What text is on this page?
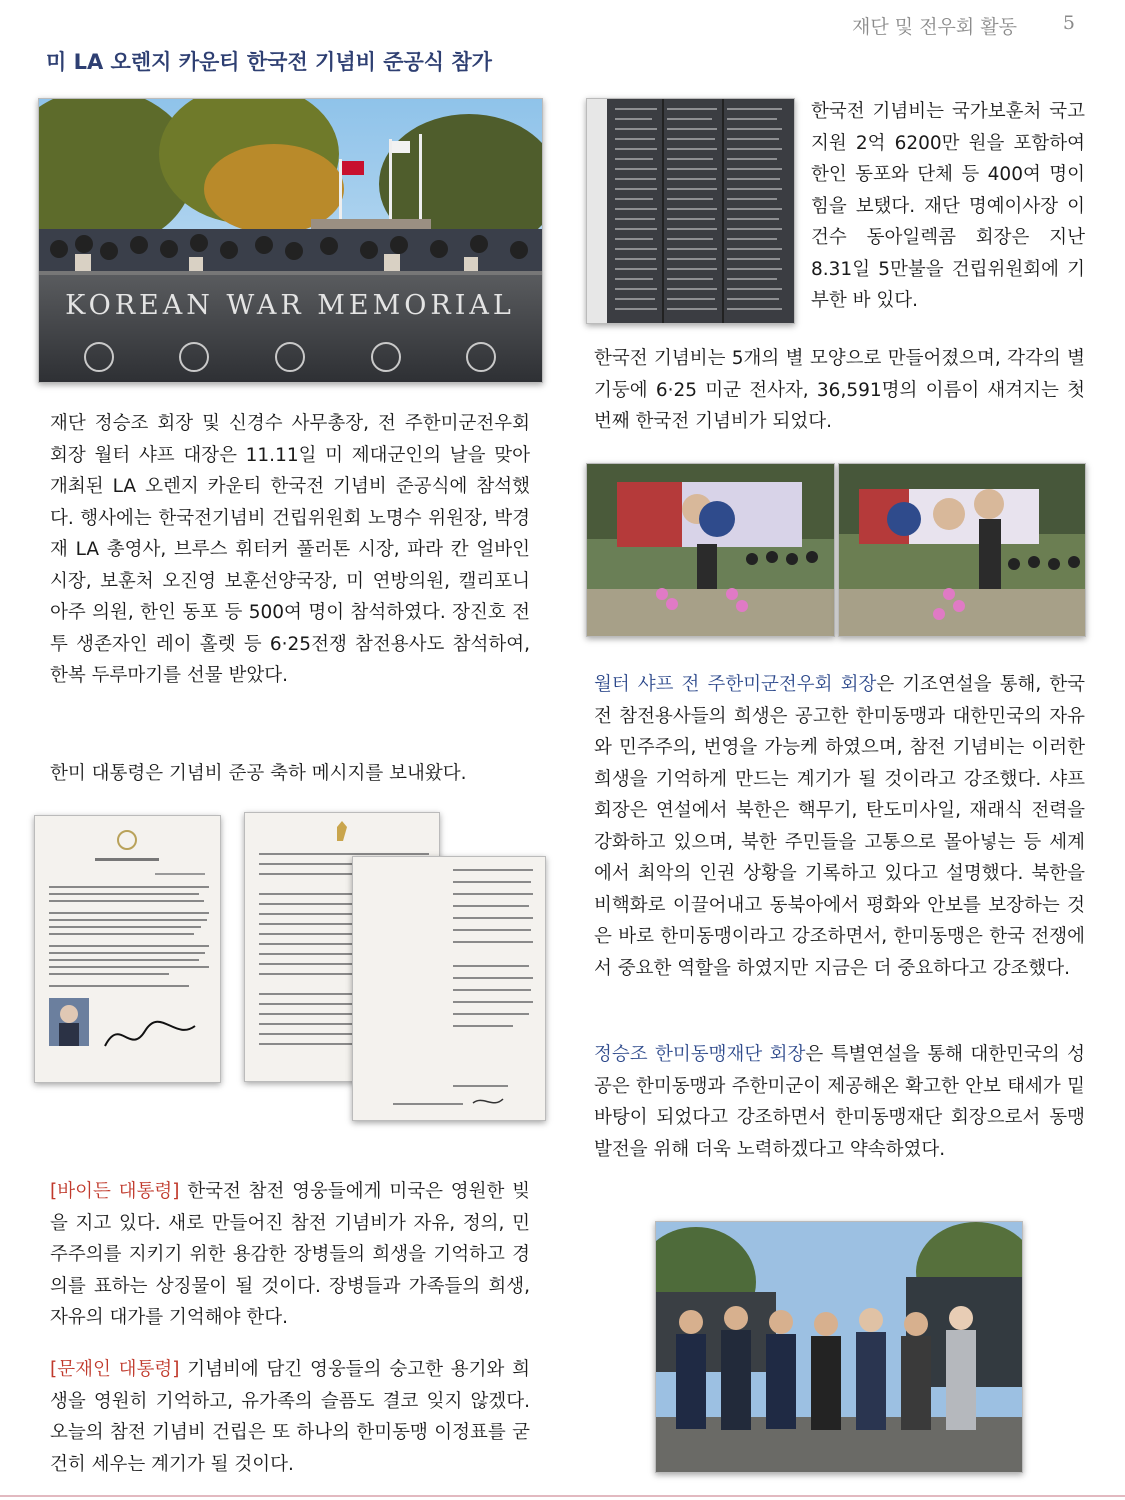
재단 및 전우회 활동 5
미 LA 오렌지 카운티 한국전 기념비 준공식 참가
KOREAN WAR MEMORIAL
한국전 기념비는 국가보훈처 국고 지원 2억 6200만 원을 포함하여 한인 동포와 단체 등 400여 명이 힘을 보탰다. 재단 명예이사장 이건수 동아일렉콤 회장은 지난 8.31일 5만불을 건립위원회에 기부한 바 있다.
한국전 기념비는 5개의 별 모양으로 만들어졌으며, 각각의 별 기둥에 6·25 미군 전사자, 36,591명의 이름이 새겨지는 첫 번째 한국전 기념비가 되었다.
재단 정승조 회장 및 신경수 사무총장, 전 주한미군전우회 회장 월터 샤프 대장은 11.11일 미 제대군인의 날을 맞아 개최된 LA 오렌지 카운티 한국전 기념비 준공식에 참석했다. 행사에는 한국전기념비 건립위원회 노명수 위원장, 박경재 LA 총영사, 브루스 휘터커 풀러톤 시장, 파라 칸 얼바인 시장, 보훈처 오진영 보훈선양국장, 미 연방의원, 캘리포니아주 의원, 한인 동포 등 500여 명이 참석하였다. 장진호 전투 생존자인 레이 홀렛 등 6·25전쟁 참전용사도 참석하여, 한복 두루마기를 선물 받았다.	월터 샤프 전 주한미군전우회 회장은 기조연설을 통해, 한국전 참전용사들의 희생은 공고한 한미동맹과 대한민국의 자유와 민주주의, 번영을 가능케 하였으며, 참전 기념비는 이러한 희생을 기억하게 만드는 계기가 될 것이라고 강조했다. 샤프 회장은 연설에서 북한은 핵무기, 탄도미사일, 재래식 전력을 강화하고 있으며, 북한 주민들을 고통으로 몰아넣는 등 세계에서 최악의 인권 상황을 기록하고 있다고 설명했다. 북한을 비핵화로 이끌어내고 동북아에서 평화와 안보를 보장하는 것은 바로 한미동맹이라고 강조하면서, 한미동맹은 한국 전쟁에서 중요한 역할을 하였지만 지금은 더 중요하다고 강조했다.
한미 대통령은 기념비 준공 축하 메시지를 보내왔다.
정승조 한미동맹재단 회장은 특별연설을 통해 대한민국의 성공은 한미동맹과 주한미군이 제공해온 확고한 안보 태세가 밑바탕이 되었다고 강조하면서 한미동맹재단 회장으로서 동맹 발전을 위해 더욱 노력하겠다고 약속하였다.
[바이든 대통령] 한국전 참전 영웅들에게 미국은 영원한 빚을 지고 있다. 새로 만들어진 참전 기념비가 자유, 정의, 민주주의를 지키기 위한 용감한 장병들의 희생을 기억하고 경의를 표하는 상징물이 될 것이다. 장병들과 가족들의 희생, 자유의 대가를 기억해야 한다.
[문재인 대통령] 기념비에 담긴 영웅들의 숭고한 용기와 희생을 영원히 기억하고, 유가족의 슬픔도 결코 잊지 않겠다. 오늘의 참전 기념비 건립은 또 하나의 한미동맹 이정표를 굳건히 세우는 계기가 될 것이다.
